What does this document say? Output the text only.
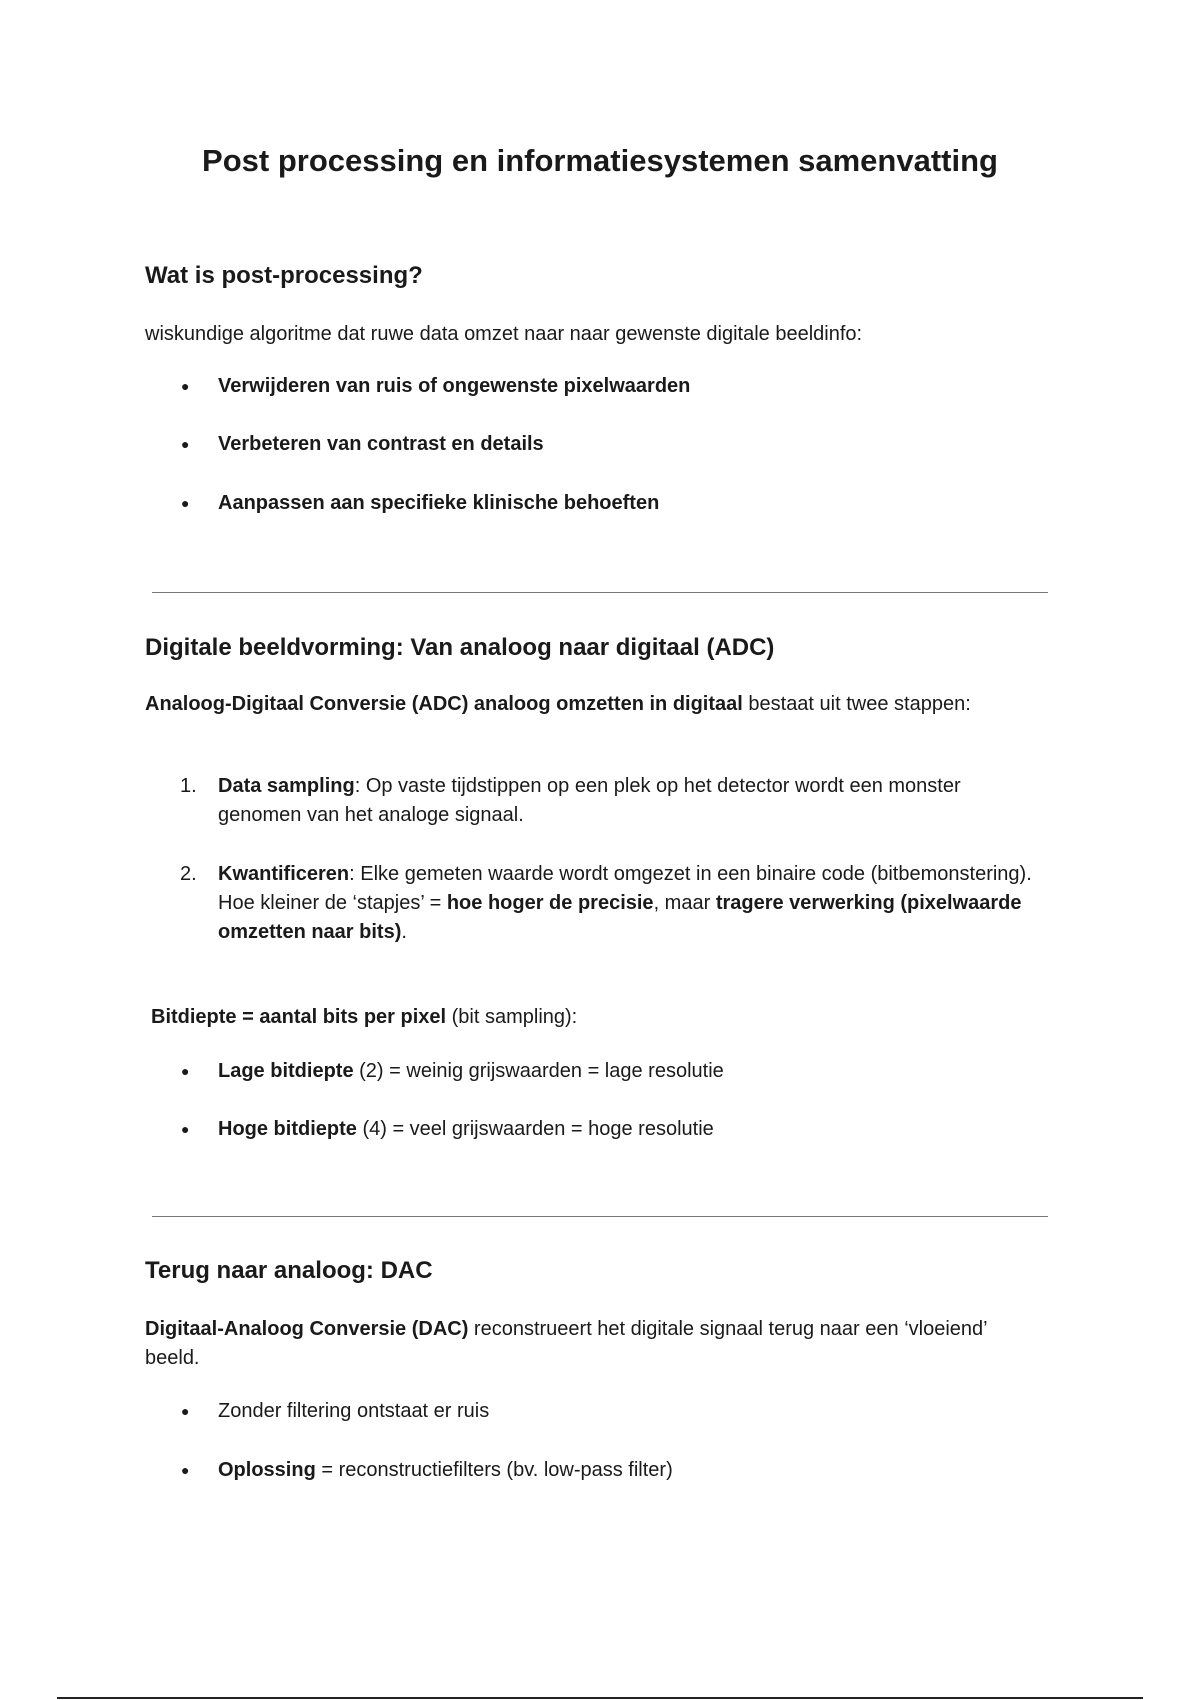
Post processing en informatiesystemen samenvatting
Wat is post-processing?

wiskundige algoritme dat ruwe data omzet naar naar gewenste digitale beeldinfo:

● Verwijderen van ruis of ongewenste pixelwaarden
● Verbeteren van contrast en details
● Aanpassen aan specifieke klinische behoeften
Digitale beeldvorming: Van analoog naar digitaal (ADC)

Analoog-Digitaal Conversie (ADC) analoog omzetten in digitaal bestaat uit twee stappen:

1. Data sampling: Op vaste tijdstippen op een plek op het detector wordt een monster genomen van het analoge signaal.
2. Kwantificeren: Elke gemeten waarde wordt omgezet in een binaire code (bitbemonstering). Hoe kleiner de ‘stapjes’ = hoe hoger de precisie, maar tragere verwerking (pixelwaarde omzetten naar bits).

Bitdiepte = aantal bits per pixel (bit sampling):

● Lage bitdiepte (2) = weinig grijswaarden = lage resolutie
● Hoge bitdiepte (4) = veel grijswaarden = hoge resolutie
Terug naar analoog: DAC

Digitaal-Analoog Conversie (DAC) reconstrueert het digitale signaal terug naar een ‘vloeiend’ beeld.

● Zonder filtering ontstaat er ruis
● Oplossing = reconstructiefilters (bv. low-pass filter)
